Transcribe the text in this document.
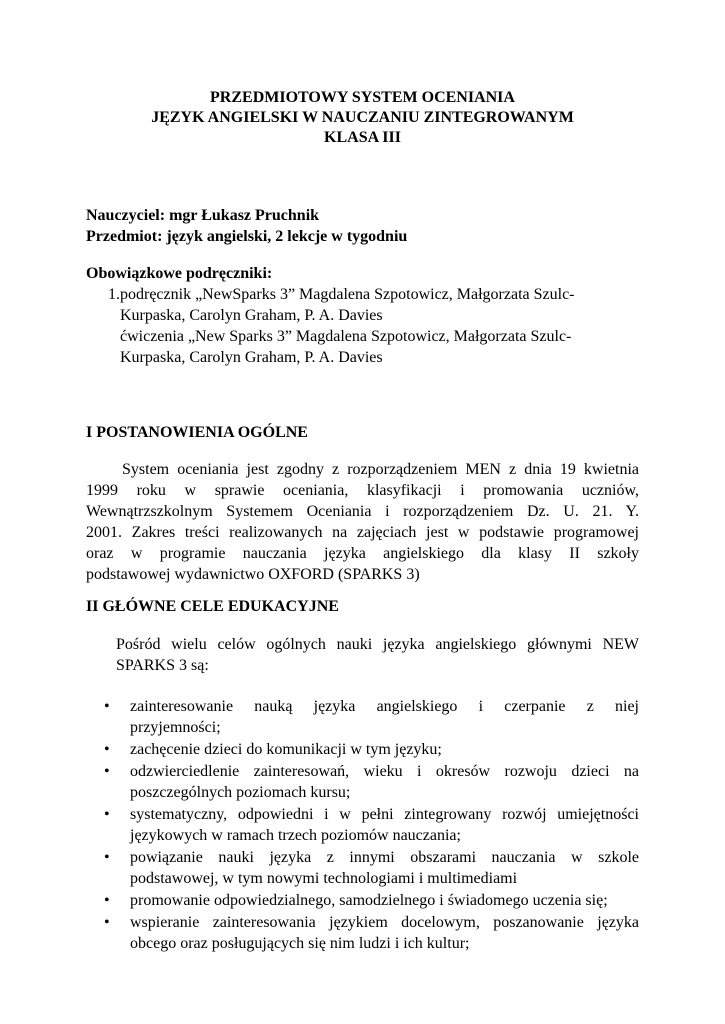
PRZEDMIOTOWY SYSTEM OCENIANIA
JĘZYK ANGIELSKI W NAUCZANIU ZINTEGROWANYM
KLASA III
Nauczyciel: mgr Łukasz Pruchnik
Przedmiot: język angielski, 2 lekcje w tygodniu
Obowiązkowe podręczniki:
1. podręcznik „NewSparks 3” Magdalena Szpotowicz, Małgorzata Szulc-
Kurpaska, Carolyn Graham, P. A. Davies
ćwiczenia „New Sparks 3” Magdalena Szpotowicz, Małgorzata Szulc-
Kurpaska, Carolyn Graham, P. A. Davies
I POSTANOWIENIA OGÓLNE
System oceniania jest zgodny z rozporządzeniem MEN z dnia 19 kwietnia
1999 roku w sprawie oceniania, klasyfikacji i promowania uczniów,
Wewnątrzszkolnym Systemem Oceniania i rozporządzeniem Dz. U. 21. Y.
2001. Zakres treści realizowanych na zajęciach jest w podstawie programowej
oraz w programie nauczania języka angielskiego dla klasy II szkoły
podstawowej wydawnictwo OXFORD (SPARKS 3)
II GŁÓWNE CELE EDUKACYJNE
Pośród wielu celów ogólnych nauki języka angielskiego głównymi NEW
SPARKS 3 są:
• zainteresowanie nauką języka angielskiego i czerpanie z niej
przyjemności;
• zachęcenie dzieci do komunikacji w tym języku;
• odzwierciedlenie zainteresowań, wieku i okresów rozwoju dzieci na
poszczególnych poziomach kursu;
• systematyczny, odpowiedni i w pełni zintegrowany rozwój umiejętności
językowych w ramach trzech poziomów nauczania;
• powiązanie nauki języka z innymi obszarami nauczania w szkole
podstawowej, w tym nowymi technologiami i multimediami
• promowanie odpowiedzialnego, samodzielnego i świadomego uczenia się;
• wspieranie zainteresowania językiem docelowym, poszanowanie języka
obcego oraz posługujących się nim ludzi i ich kultur;
